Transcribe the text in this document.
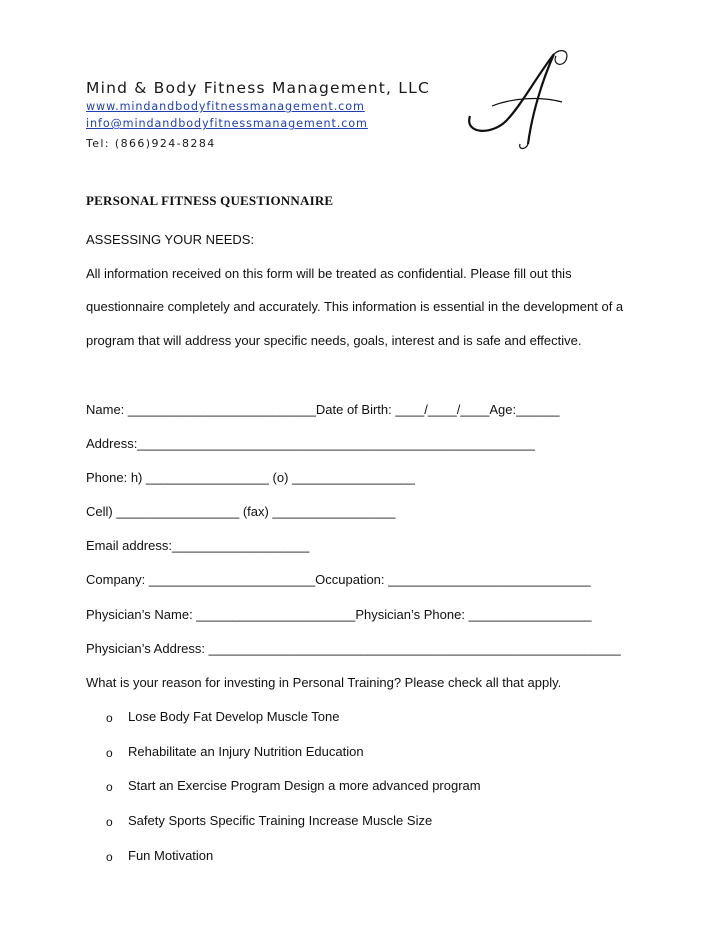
Mind & Body Fitness Management, LLC
www.mindandbodyfitnessmanagement.com
info@mindandbodyfitnessmanagement.com
Tel: (866)924-8284
PERSONAL FITNESS QUESTIONNAIRE
ASSESSING YOUR NEEDS:
All information received on this form will be treated as confidential. Please fill out this
questionnaire completely and accurately. This information is essential in the development of a
program that will address your specific needs, goals, interest and is safe and effective.
Name: __________________________Date of Birth: ____/____/____Age:______
Address:_______________________________________________________
Phone: h) _________________ (o) _________________
Cell) _________________ (fax) _________________
Email address:___________________
Company: _______________________Occupation: ____________________________
Physician’s Name: ______________________Physician’s Phone: _________________
Physician’s Address: _________________________________________________________
What is your reason for investing in Personal Training? Please check all that apply.
o Lose Body Fat Develop Muscle Tone
o Rehabilitate an Injury Nutrition Education
o Start an Exercise Program Design a more advanced program
o Safety Sports Specific Training Increase Muscle Size
o Fun Motivation
